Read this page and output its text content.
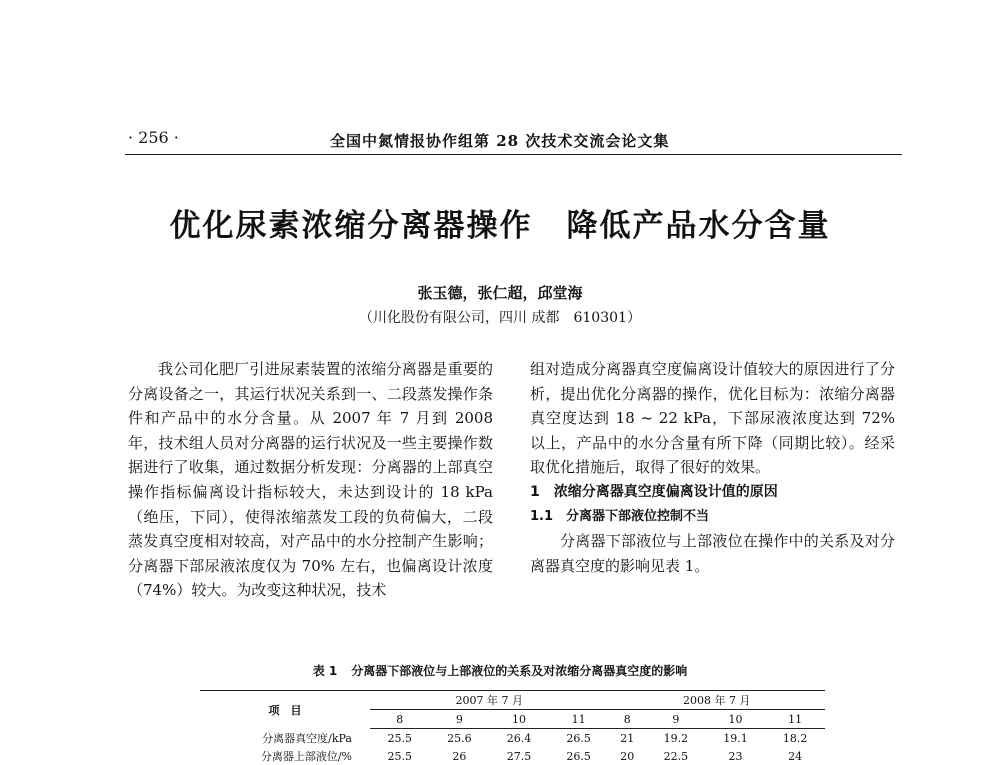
· 256 ·	全国中氮情报协作组第 28 次技术交流会论文集
优化尿素浓缩分离器操作 降低产品水分含量
张玉德，张仁超，邱堂海
（川化股份有限公司，四川 成都　610301）

我公司化肥厂引进尿素装置的浓缩分离器是重要的分离设备之一，其运行状况关系到一、二段蒸发操作条件和产品中的水分含量。从 2007 年 7 月到 2008 年，技术组人员对分离器的运行状况及一些主要操作数据进行了收集，通过数据分析发现：分离器的上部真空操作指标偏离设计指标较大，未达到设计的 18 kPa（绝压，下同），使得浓缩蒸发工段的负荷偏大，二段蒸发真空度相对较高，对产品中的水分控制产生影响；分离器下部尿液浓度仅为 70% 左右，也偏离设计浓度（74%）较大。为改变这种状况，技术

组对造成分离器真空度偏离设计值较大的原因进行了分析，提出优化分离器的操作，优化目标为：浓缩分离器真空度达到 18 ~ 22 kPa，下部尿液浓度达到 72% 以上，产品中的水分含量有所下降（同期比较）。经采取优化措施后，取得了很好的效果。

1　浓缩分离器真空度偏离设计值的原因

1.1　分离器下部液位控制不当

分离器下部液位与上部液位在操作中的关系及对分离器真空度的影响见表 1。

表 1 分离器下部液位与上部液位的关系及对浓缩分离器真空度的影响
项　目	2007 年 7 月				2008 年 7 月			
	8	9	10	11	8	9	10	11
分离器真空度/kPa	25.5	25.6	26.4	26.5	21	19.2	19.1	18.2
分离器上部液位/%	25.5	26	27.5	26.5	20	22.5	23	24
